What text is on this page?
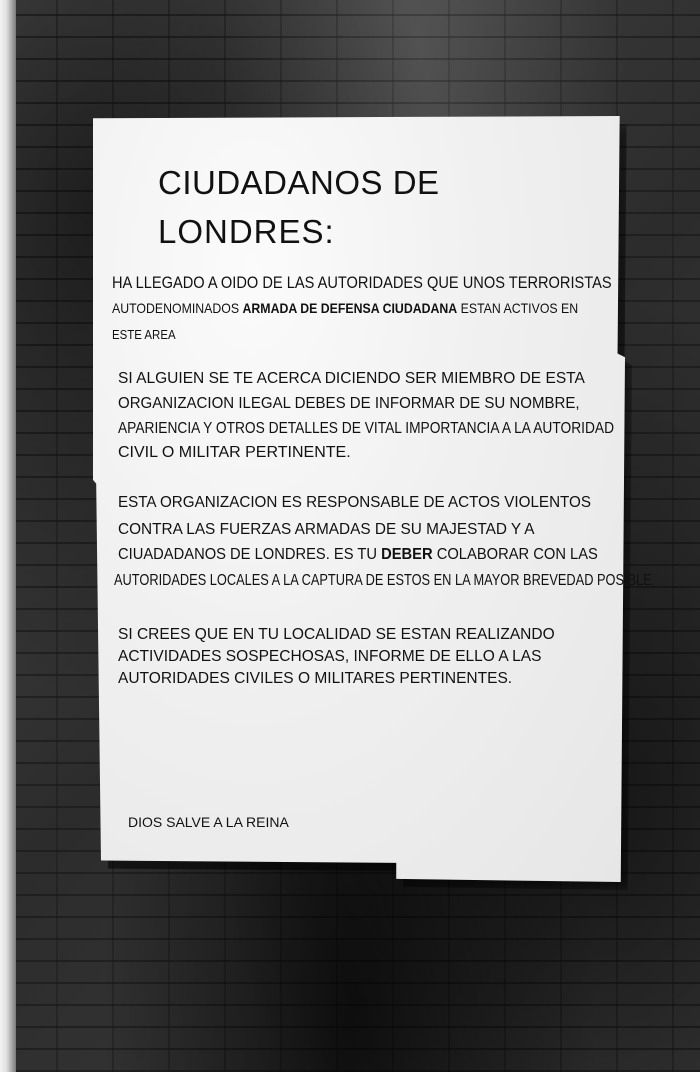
CIUDADANOS DE

LONDRES:

HA LLEGADO A OIDO DE LAS AUTORIDADES QUE UNOS TERRORISTAS

AUTODENOMINADOS ARMADA DE DEFENSA CIUDADANA ESTAN ACTIVOS EN

ESTE AREA

SI ALGUIEN SE TE ACERCA DICIENDO SER MIEMBRO DE ESTA

ORGANIZACION ILEGAL DEBES DE INFORMAR DE SU NOMBRE,

APARIENCIA Y OTROS DETALLES DE VITAL IMPORTANCIA A LA AUTORIDAD

CIVIL O MILITAR PERTINENTE.

ESTA ORGANIZACION ES RESPONSABLE DE ACTOS VIOLENTOS

CONTRA LAS FUERZAS ARMADAS DE SU MAJESTAD Y A

CIUADADANOS DE LONDRES. ES TU DEBER COLABORAR CON LAS

AUTORIDADES LOCALES A LA CAPTURA DE ESTOS EN LA MAYOR BREVEDAD POSIBLE.

SI CREES QUE EN TU LOCALIDAD SE ESTAN REALIZANDO

ACTIVIDADES SOSPECHOSAS, INFORME DE ELLO A LAS

AUTORIDADES CIVILES O MILITARES PERTINENTES.

DIOS SALVE A LA REINA
